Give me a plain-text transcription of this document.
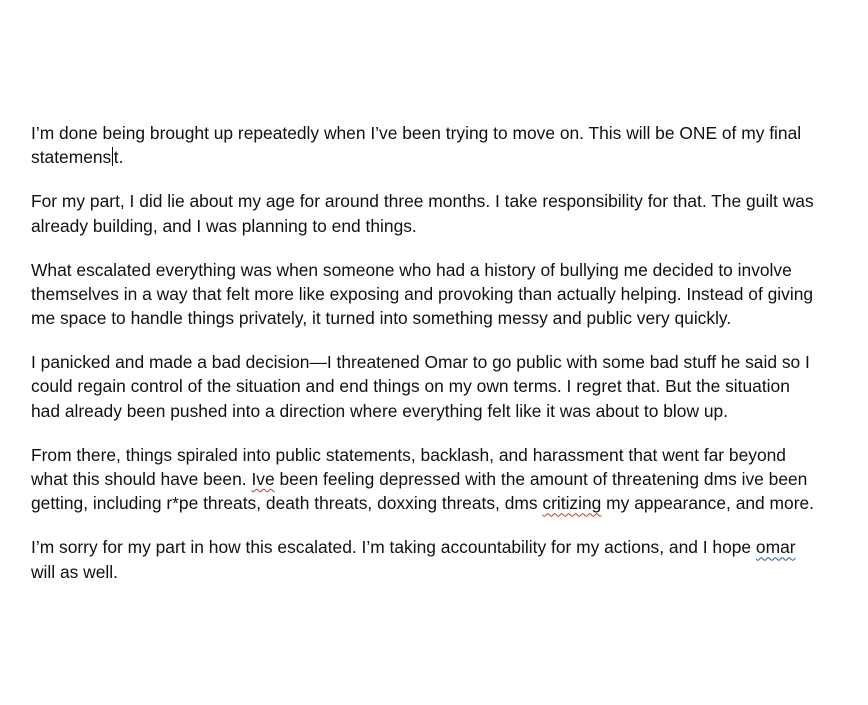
I’m done being brought up repeatedly when I’ve been trying to move on. This will be ONE of my final statemens t.

For my part, I did lie about my age for around three months. I take responsibility for that. The guilt was already building, and I was planning to end things.

What escalated everything was when someone who had a history of bullying me decided to involve themselves in a way that felt more like exposing and provoking than actually helping. Instead of giving me space to handle things privately, it turned into something messy and public very quickly.

I panicked and made a bad decision—I threatened Omar to go public with some bad stuff he said so I could regain control of the situation and end things on my own terms. I regret that. But the situation had already been pushed into a direction where everything felt like it was about to blow up.

From there, things spiraled into public statements, backlash, and harassment that went far beyond what this should have been. Ive been feeling depressed with the amount of threatening dms ive been getting, including r*pe threats, death threats, doxxing threats, dms critizing my appearance, and more.

I’m sorry for my part in how this escalated. I’m taking accountability for my actions, and I hope omar will as well.
